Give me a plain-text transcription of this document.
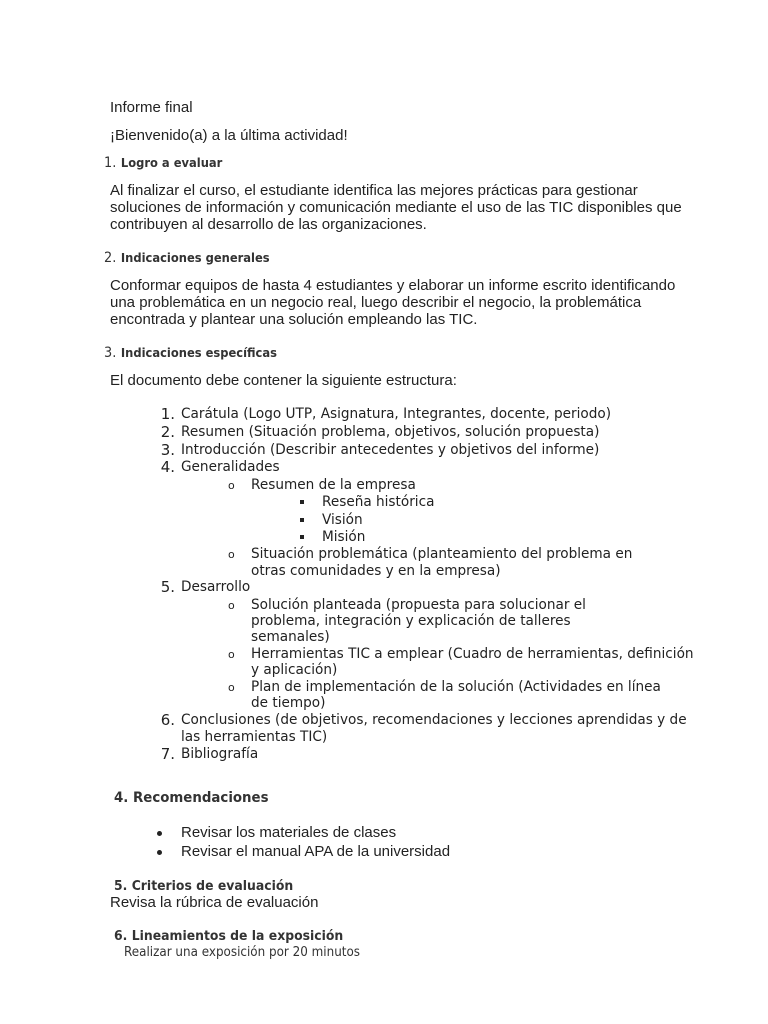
Informe final
¡Bienvenido(a) a la última actividad!
1. Logro a evaluar
Al finalizar el curso, el estudiante identifica las mejores prácticas para gestionar
soluciones de información y comunicación mediante el uso de las TIC disponibles que
contribuyen al desarrollo de las organizaciones.
2. Indicaciones generales
Conformar equipos de hasta 4 estudiantes y elaborar un informe escrito identificando
una problemática en un negocio real, luego describir el negocio, la problemática
encontrada y plantear una solución empleando las TIC.
3. Indicaciones específicas
El documento debe contener la siguiente estructura:
1. Carátula (Logo UTP, Asignatura, Integrantes, docente, periodo)
2. Resumen (Situación problema, objetivos, solución propuesta)
3. Introducción (Describir antecedentes y objetivos del informe)
4. Generalidades
o Resumen de la empresa
Reseña histórica
Visión
Misión
o Situación problemática (planteamiento del problema en
otras comunidades y en la empresa)
5. Desarrollo
o Solución planteada (propuesta para solucionar el
problema, integración y explicación de talleres
semanales)
o Herramientas TIC a emplear (Cuadro de herramientas, definición
y aplicación)
o Plan de implementación de la solución (Actividades en línea
de tiempo)
6. Conclusiones (de objetivos, recomendaciones y lecciones aprendidas y de
las herramientas TIC)
7. Bibliografía
4. Recomendaciones
Revisar los materiales de clases
Revisar el manual APA de la universidad
5. Criterios de evaluación
Revisa la rúbrica de evaluación
6. Lineamientos de la exposición
Realizar una exposición por 20 minutos
